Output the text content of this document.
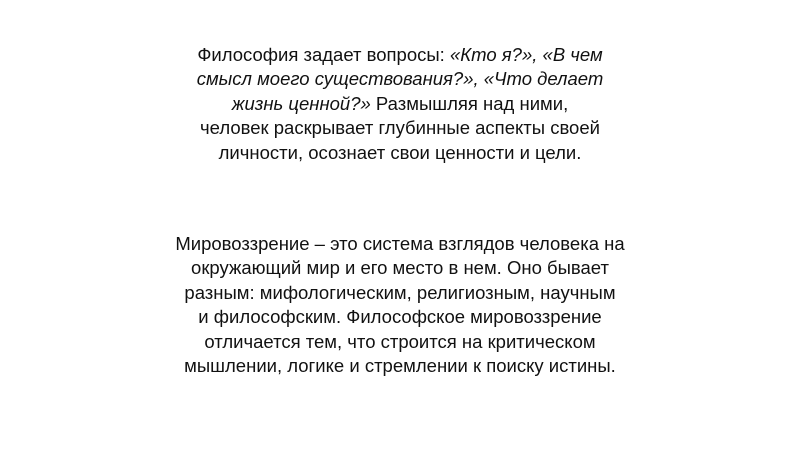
Философия задает вопросы: «Кто я?», «В чем
смысл моего существования?», «Что делает
жизнь ценной?» Размышляя над ними,
человек раскрывает глубинные аспекты своей
личности, осознает свои ценности и цели.

Мировоззрение – это система взглядов человека на
окружающий мир и его место в нем. Оно бывает
разным: мифологическим, религиозным, научным
и философским. Философское мировоззрение
отличается тем, что строится на критическом
мышлении, логике и стремлении к поиску истины.
